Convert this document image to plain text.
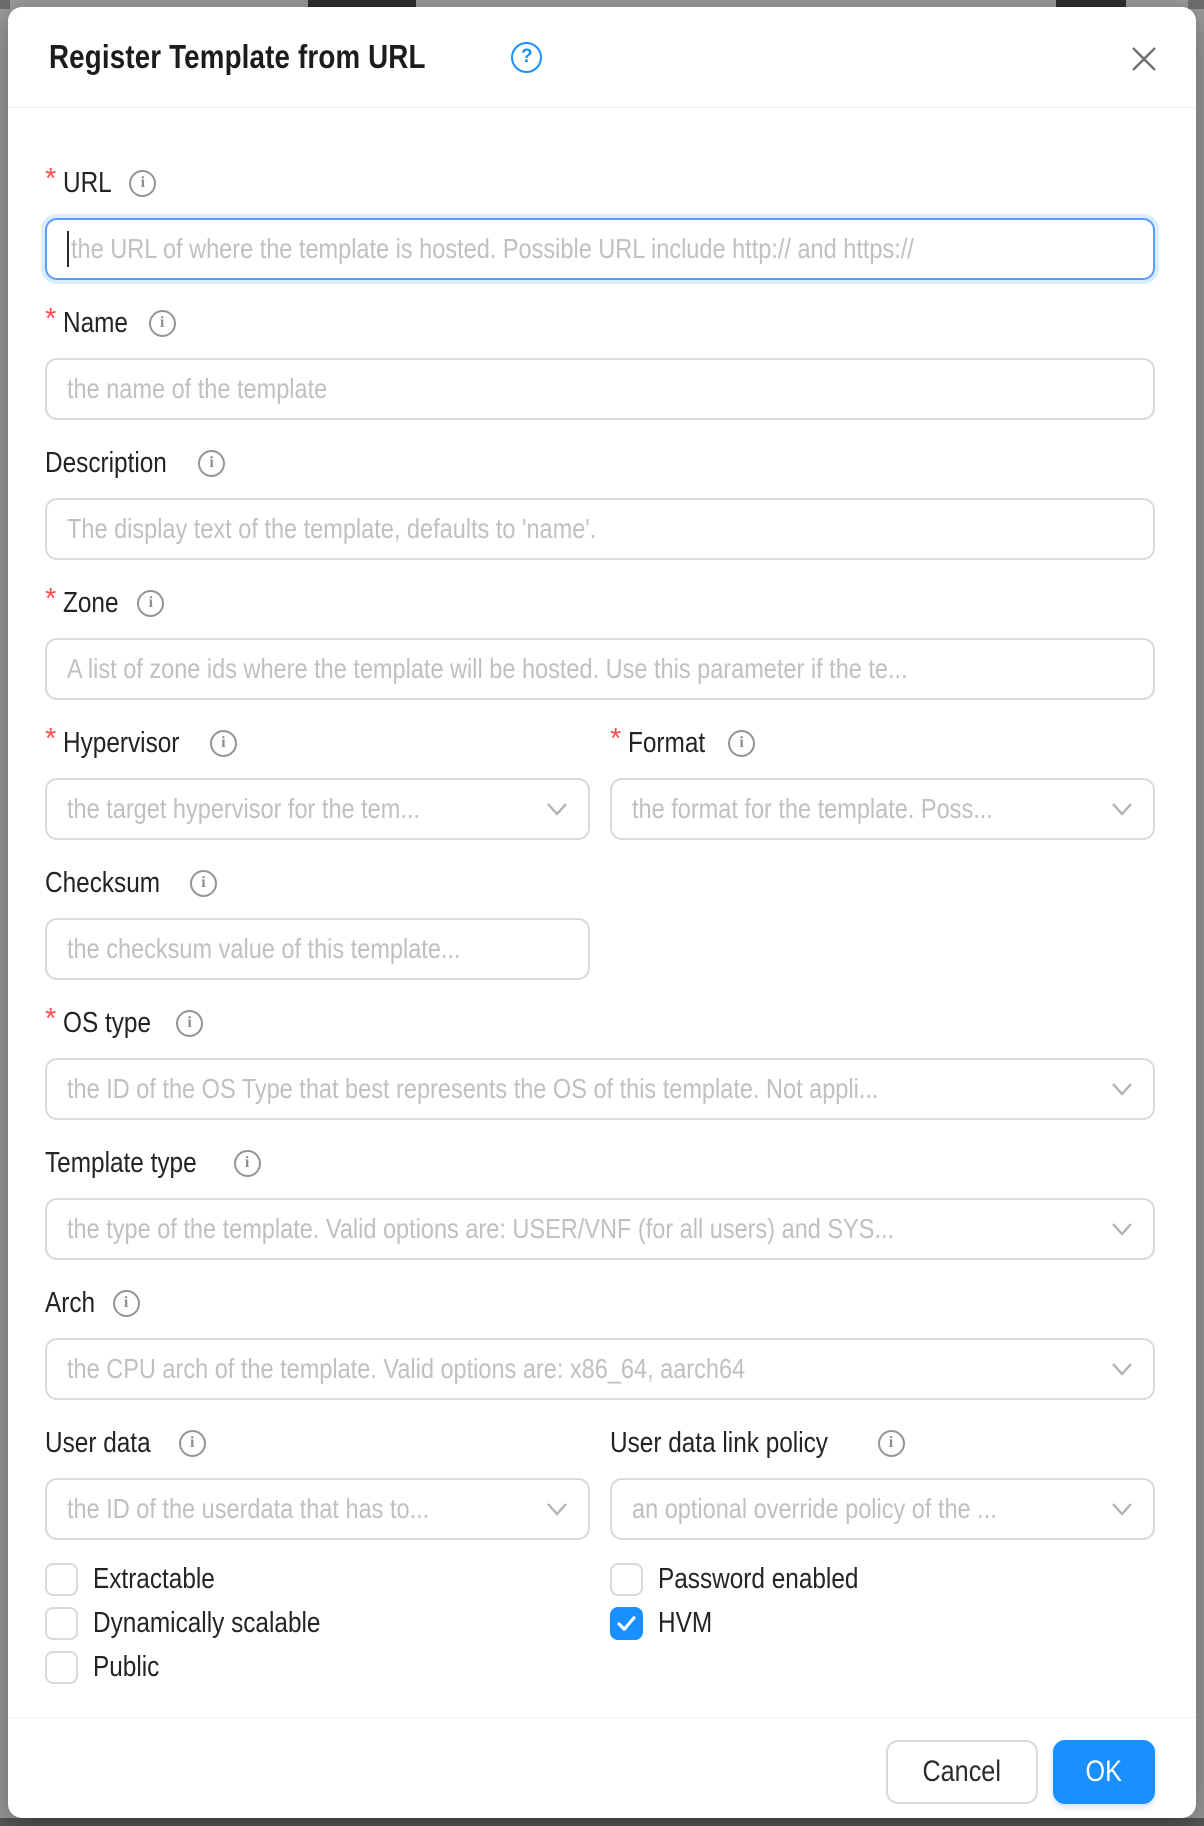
Register Template from URL	?
* URL	i
the URL of where the template is hosted. Possible URL include http:// and https://
* Name	i
the name of the template
Description	i
The display text of the template, defaults to 'name'.
* Zone	i
A list of zone ids where the template will be hosted. Use this parameter if the te...
* Hypervisor	i
the target hypervisor for the tem...
* Format	i
the format for the template. Poss...
Checksum	i
the checksum value of this template...
* OS type	i
the ID of the OS Type that best represents the OS of this template. Not appli...
Template type	i
the type of the template. Valid options are: USER/VNF (for all users) and SYS...
Arch	i
the CPU arch of the template. Valid options are: x86_64, aarch64
User data	i
the ID of the userdata that has to...
User data link policy	i
an optional override policy of the ...
Extractable
Dynamically scalable
Public
Password enabled
HVM
Cancel	OK
